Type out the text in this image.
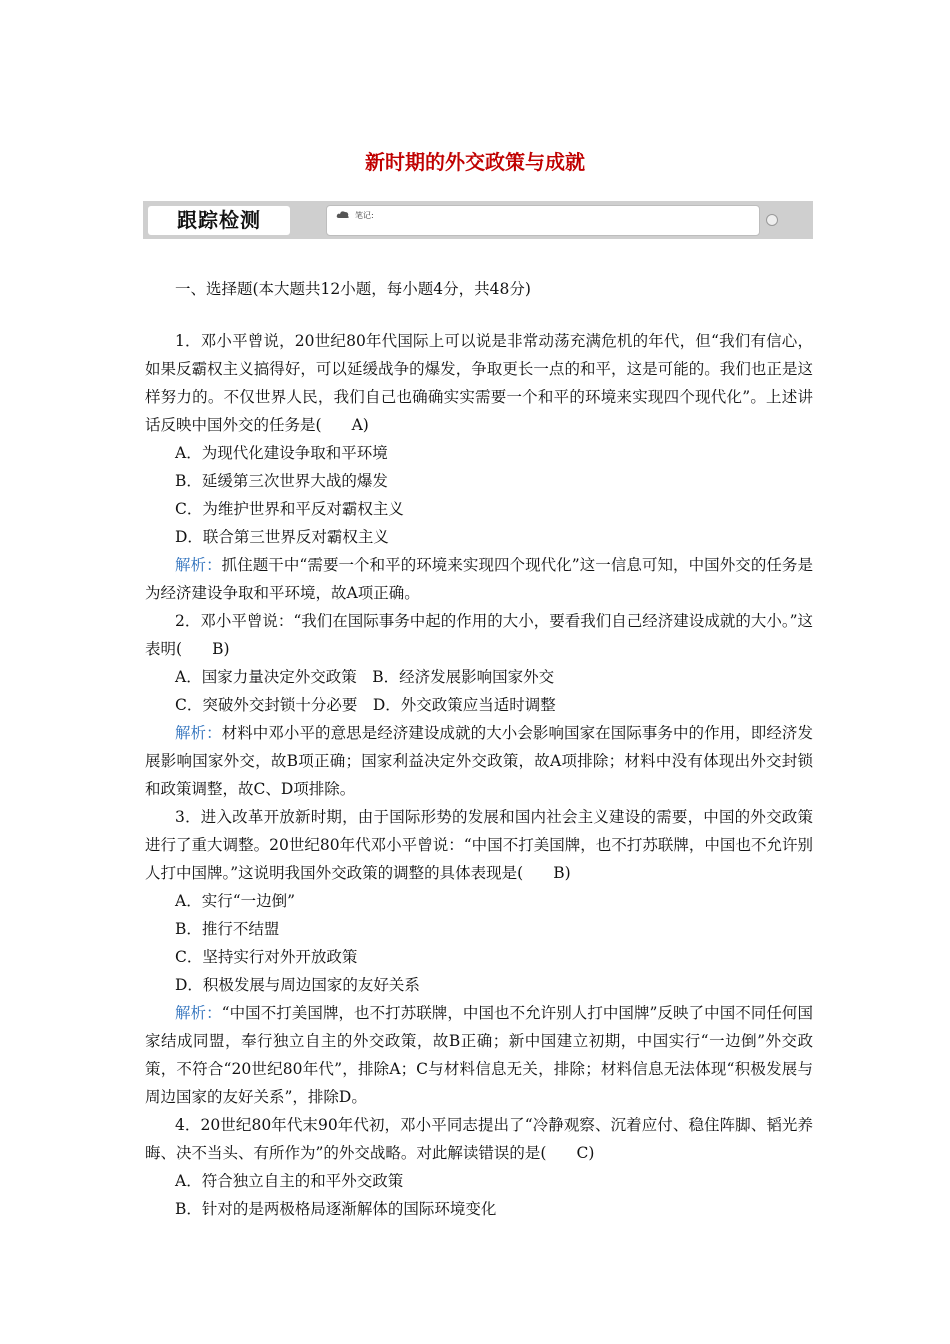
新时期的外交政策与成就
跟踪检测	笔记:

一、选择题(本大题共12小题，每小题4分，共48分)

1．邓小平曾说，20世纪80年代国际上可以说是非常动荡充满危机的年代，但“我们有信心，如果反霸权主义搞得好，可以延缓战争的爆发，争取更长一点的和平，这是可能的。我们也正是这样努力的。不仅世界人民，我们自己也确确实实需要一个和平的环境来实现四个现代化”。上述讲话反映中国外交的任务是( A)

A．为现代化建设争取和平环境

B．延缓第三次世界大战的爆发

C．为维护世界和平反对霸权主义

D．联合第三世界反对霸权主义

解析：抓住题干中“需要一个和平的环境来实现四个现代化”这一信息可知，中国外交的任务是为经济建设争取和平环境，故A项正确。

2．邓小平曾说：“我们在国际事务中起的作用的大小，要看我们自己经济建设成就的大小。”这表明( B)

A．国家力量决定外交政策　B．经济发展影响国家外交

C．突破外交封锁十分必要　D．外交政策应当适时调整

解析：材料中邓小平的意思是经济建设成就的大小会影响国家在国际事务中的作用，即经济发展影响国家外交，故B项正确；国家利益决定外交政策，故A项排除；材料中没有体现出外交封锁和政策调整，故C、D项排除。

3．进入改革开放新时期，由于国际形势的发展和国内社会主义建设的需要，中国的外交政策进行了重大调整。20世纪80年代邓小平曾说：“中国不打美国牌，也不打苏联牌，中国也不允许别人打中国牌。”这说明我国外交政策的调整的具体表现是( B)

A．实行“一边倒”

B．推行不结盟

C．坚持实行对外开放政策

D．积极发展与周边国家的友好关系

解析：“中国不打美国牌，也不打苏联牌，中国也不允许别人打中国牌”反映了中国不同任何国家结成同盟，奉行独立自主的外交政策，故B正确；新中国建立初期，中国实行“一边倒”外交政策，不符合“20世纪80年代”，排除A；C与材料信息无关，排除；材料信息无法体现“积极发展与周边国家的友好关系”，排除D。

4．20世纪80年代末90年代初，邓小平同志提出了“冷静观察、沉着应付、稳住阵脚、韬光养晦、决不当头、有所作为”的外交战略。对此解读错误的是( C)

A．符合独立自主的和平外交政策

B．针对的是两极格局逐渐解体的国际环境变化
